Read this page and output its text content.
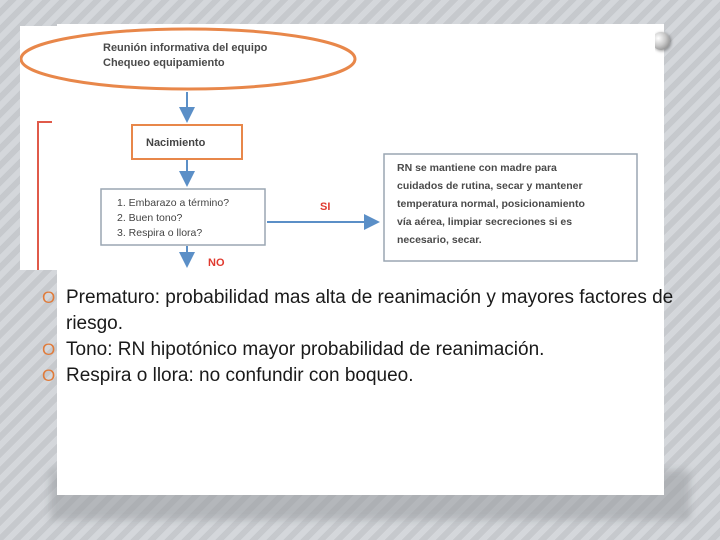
Reunión informativa del equipo
Chequeo equipamiento
Nacimiento
1. Embarazo a término?
2. Buen tono?
3. Respira o llora?
SI
NO
RN se mantiene con madre para
cuidados de rutina, secar y mantener
temperatura normal, posicionamiento
vía aérea, limpiar secreciones si es
necesario, secar.

O Prematuro: probabilidad mas alta de reanimación y mayores factores de riesgo.

O Tono: RN hipotónico mayor probabilidad de reanimación.

O Respira o llora: no confundir con boqueo.
